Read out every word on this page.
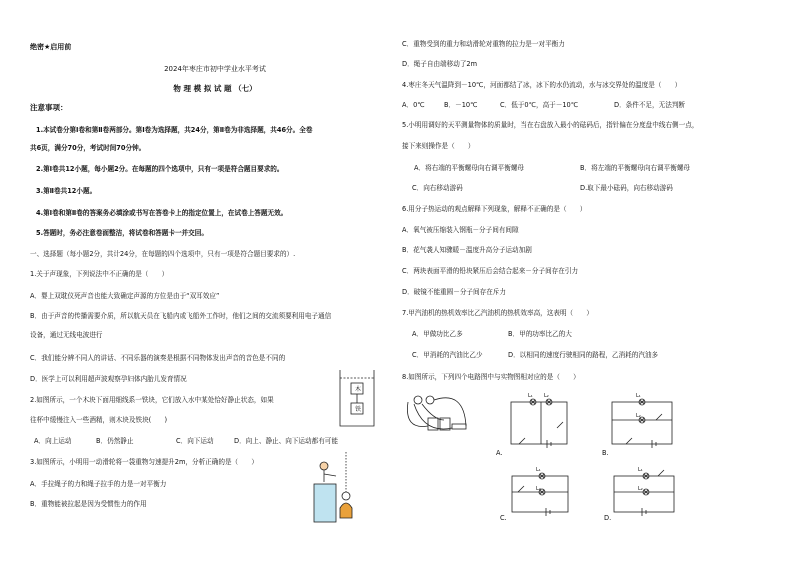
绝密★启用前
2024年枣庄市初中学业水平考试
物 理 模 拟 试 题 （七）
注意事项：
1.本试卷分第Ⅰ卷和第Ⅱ卷两部分。第Ⅰ卷为选择题，共24分，第Ⅱ卷为非选择题，共46分。全卷
共6页，满分70分，考试时间70分钟。
2.第Ⅰ卷共12小题，每小题2分。在每题的四个选项中，只有一项是符合题目要求的。
3.第Ⅱ卷共12小题。
4.第Ⅰ卷和第Ⅱ卷的答案务必填涂或书写在答卷卡上的指定位置上，在试卷上答题无效。
5.答题时，务必注意卷面整洁，将试卷和答题卡一并交回。
一、选择题（每小题2分，共计24分，在每题的四个选项中，只有一项是符合题目要求的）.
1.关于声现象，下列说法中不正确的是（　　）
A．婴上双耽仪死声音也能大致确定声源的方位是由于“双耳效应”
B．由于声音的传播需要介质，所以航天员在飞船内或飞船外工作时，他们之间的交流须要利用电子通信
设备，通过无线电波进行
C．我们能分辨不同人的讲话、不同乐器的演奏是根据不同物体发出声音的音色是不同的
D．医学上可以利用超声波观察孕妇体内胎儿发育情况
2.如图所示，一个木块下面用细线系一铁块，它们放入水中某处恰好静止状态，如果
往杯中缓慢注入一些酒精，则木块及铁块(　　)
A．向上运动	B．仍然静止	C．向下运动	D．向上、静止、向下运动都有可能
木
铁
3.如图所示，小明用一动滑轮将一袋重物匀速提升2m，分析正确的是（　　）
A．手拉绳子的力和绳子拉手的力是一对平衡力
B．重物能被拉起是因为受惯性力的作用
C．重物受到的重力和动滑轮对重物的拉力是一对平衡力
D．绳子自由端移动了2m
4.枣庄冬天气温降到－10℃，河面都结了冰，冰下的水仍流动，水与冰交界处的温度是（　　）
A．0℃	B．－10℃	C．低于0℃，高于－10℃	D．条件不足，无法判断
5.小明用调好的天平测量物体的质量时，当在右盘放入最小的砝码后，指针偏在分度盘中线右侧一点，
接下来则操作是（　　）
A．将右端的平衡螺母向右调平衡螺母	B．将左端的平衡螺母向右调平衡螺母
C．向右移动游码	D.取下最小砝码，向右移动游码
6.用分子热运动的观点解释下列现象，解释不正确的是（　　）
A．氧气被压缩装入钢瓶－分子间有间隙
B．花气袭人知骤暖－温度升高分子运动加剧
C．两块表面平滑的铅块紧压后会结合起来－分子间存在引力
D．破镜不能重圆－分子间存在斥力
7.甲汽油机的热机效率比乙汽油机的热机效率高，这表明（　　）
A．甲做功比乙多	B．甲的功率比乙的大
C．甲消耗的汽油比乙少	D．以相同的速度行驶相同的路程，乙消耗的汽油多
8.如图所示，下列四个电路图中与实物图相对应的是（　　）
A.
L₁ L₂
B.
L₁
L₂
C.
L₁
L₂
D.
L₁
L₂
